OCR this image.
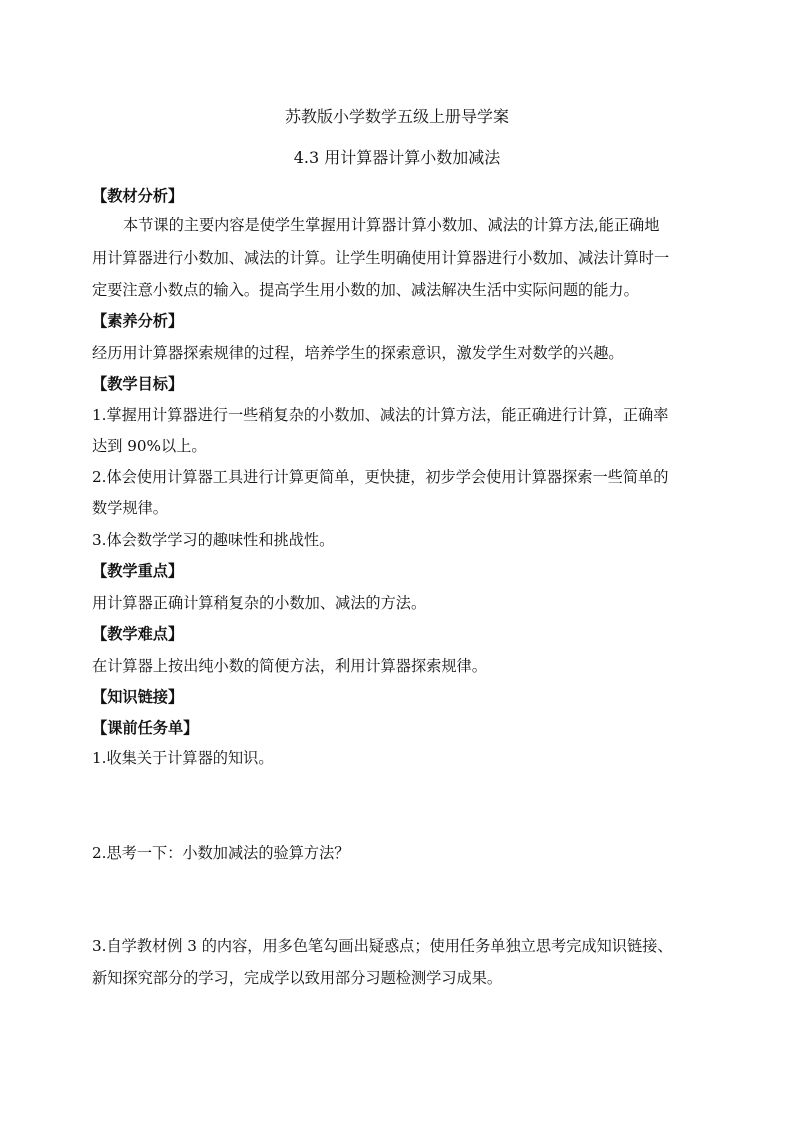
苏教版小学数学五级上册导学案
4.3 用计算器计算小数加减法
【教材分析】
本节课的主要内容是使学生掌握用计算器计算小数加、减法的计算方法,能正确地
用计算器进行小数加、减法的计算。让学生明确使用计算器进行小数加、减法计算时一
定要注意小数点的输入。提高学生用小数的加、减法解决生活中实际问题的能力。
【素养分析】
经历用计算器探索规律的过程，培养学生的探索意识，激发学生对数学的兴趣。
【教学目标】
1.掌握用计算器进行一些稍复杂的小数加、减法的计算方法，能正确进行计算，正确率
达到 90%以上。
2.体会使用计算器工具进行计算更简单，更快捷，初步学会使用计算器探索一些简单的
数学规律。
3.体会数学学习的趣味性和挑战性。
【教学重点】
用计算器正确计算稍复杂的小数加、减法的方法。
【教学难点】
在计算器上按出纯小数的简便方法，利用计算器探索规律。
【知识链接】
【课前任务单】
1.收集关于计算器的知识。
2.思考一下：小数加减法的验算方法？
3.自学教材例 3 的内容，用多色笔勾画出疑惑点；使用任务单独立思考完成知识链接、
新知探究部分的学习，完成学以致用部分习题检测学习成果。
